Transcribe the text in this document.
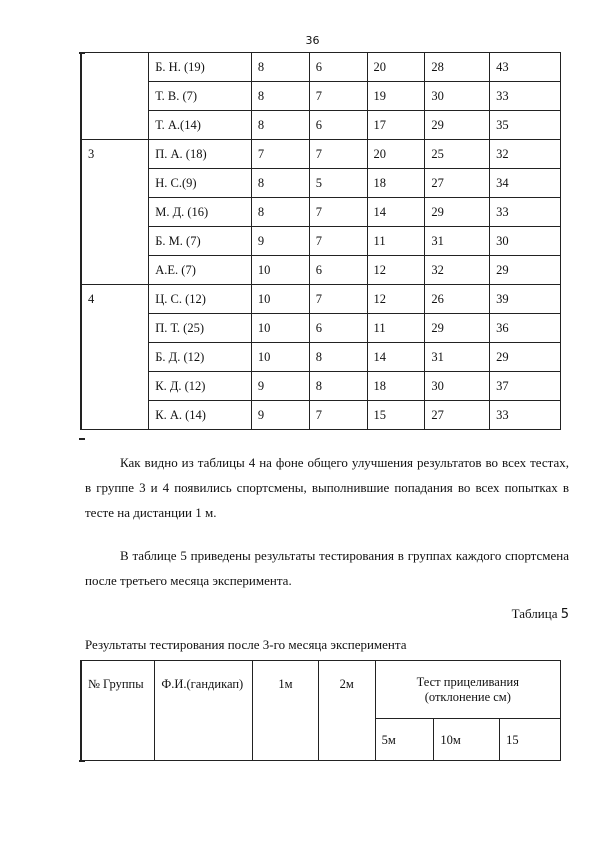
36
	Б. Н. (19)	8	6	20	28	43
	Т. В. (7)	8	7	19	30	33
	Т. А.(14)	8	6	17	29	35
3	П. А. (18)	7	7	20	25	32
	Н. С.(9)	8	5	18	27	34
	М. Д. (16)	8	7	14	29	33
	Б. М. (7)	9	7	11	31	30
	А.Е. (7)	10	6	12	32	29
4	Ц. С. (12)	10	7	12	26	39
	П. Т. (25)	10	6	11	29	36
	Б. Д. (12)	10	8	14	31	29
	К. Д. (12)	9	8	18	30	37
	К. А. (14)	9	7	15	27	33

Как видно из таблицы 4 на фоне общего улучшения результатов во всех тестах, в группе 3 и 4 появились спортсмены, выполнившие попадания во всех попытках в тесте на дистанции 1 м.

В таблице 5 приведены результаты тестирования в группах каждого спортсмена после третьего месяца эксперимента.

Таблица 5
Результаты тестирования после 3-го месяца эксперимента
№ Группы	Ф.И.(гандикап)	1м	2м	Тест прицеливания
(отклонение см)		

				5м	10м	15
